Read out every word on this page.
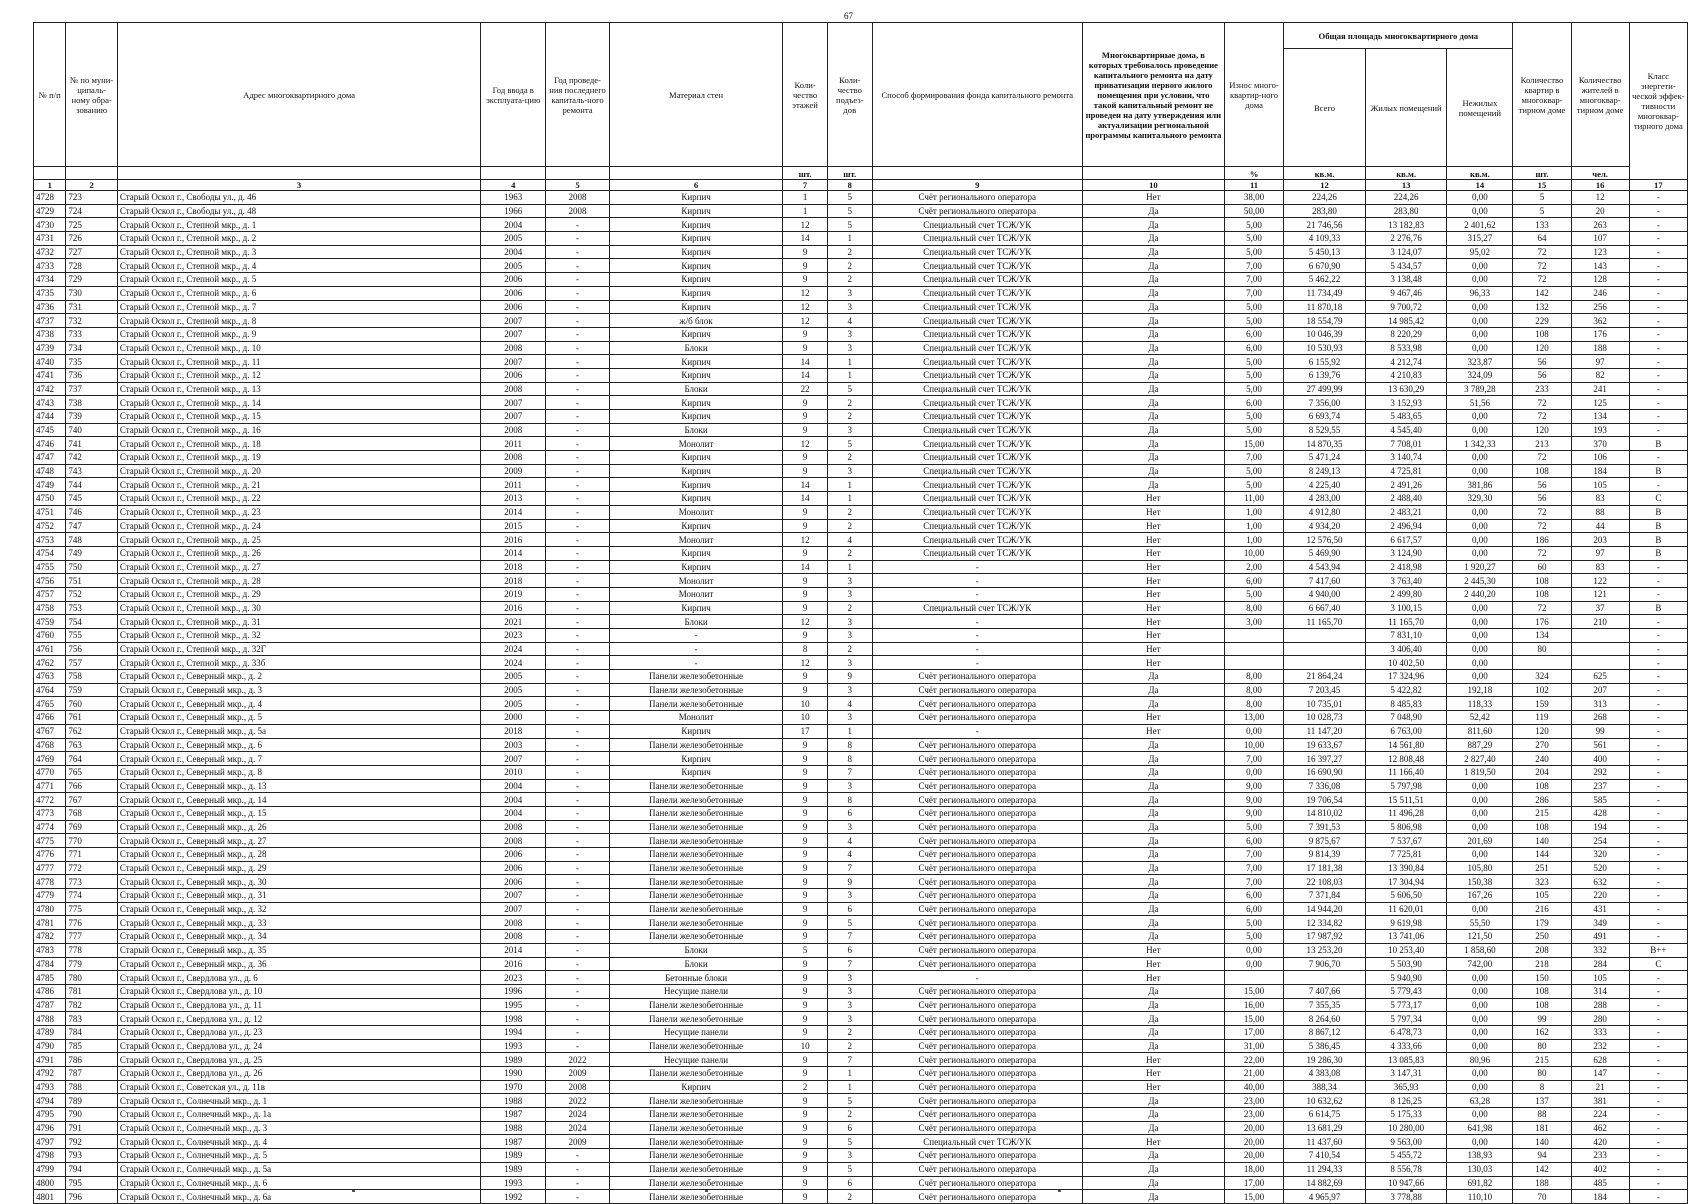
67
№ п/п	№ по муни-ципаль-ному обра-зованию	Адрес многоквартирного дома	Год ввода в эксплуата-цию	Год проведе-ния последнего капиталь-ного ремонта	Материал стен	Коли-чество этажей	Коли-чество подъез-дов	Способ формирования фонда капитального ремонта	Многоквартирные дома, в которых требовалось проведение капитального ремонта на дату приватизации первого жилого помещения при условии, что такой капитальный ремонт не проведен на дату утверждения или актуализации региональной программы капитального ремонта	Износ много-квартир-ного дома	Общая площадь многоквартирного дома			Количество квартир в многоквар-тирном доме	Количество жителей в многоквар-тирном доме	Класс энергети-ческой эффек-тивности многоквар-тирного дома
											Всего	Жилых помещений	Нежилых помещений			
						шт.	шт.			%	кв.м.	кв.м.	кв.м.	шт.	чел.	
1	2	3	4	5	6	7	8	9	10	11	12	13	14	15	16	17
4728	723	Старый Оскол г., Свободы ул., д. 46	1963	2008	Кирпич	1	5	Счёт регионального оператора	Нет	38,00	224,26	224,26	0,00	5	12	-
4729	724	Старый Оскол г., Свободы ул., д. 48	1966	2008	Кирпич	1	5	Счёт регионального оператора	Да	50,00	283,80	283,80	0,00	5	20	-
4730	725	Старый Оскол г., Степной мкр., д. 1	2004	-	Кирпич	12	5	Специальный счет ТСЖ/УК	Да	5,00	21 746,56	13 182,83	2 401,62	133	263	-
4731	726	Старый Оскол г., Степной мкр., д. 2	2005	-	Кирпич	14	1	Специальный счет ТСЖ/УК	Да	5,00	4 109,33	2 276,76	315,27	64	107	-
4732	727	Старый Оскол г., Степной мкр., д. 3	2004	-	Кирпич	9	2	Специальный счет ТСЖ/УК	Да	5,00	5 450,13	3 124,07	95,02	72	123	-
4733	728	Старый Оскол г., Степной мкр., д. 4	2005	-	Кирпич	9	2	Специальный счет ТСЖ/УК	Да	7,00	6 670,90	5 434,57	0,00	72	143	-
4734	729	Старый Оскол г., Степной мкр., д. 5	2006	-	Кирпич	9	2	Специальный счет ТСЖ/УК	Да	7,00	5 462,22	3 138,48	0,00	72	128	-
4735	730	Старый Оскол г., Степной мкр., д. 6	2006	-	Кирпич	12	3	Специальный счет ТСЖ/УК	Да	7,00	11 734,49	9 467,46	96,33	142	246	-
4736	731	Старый Оскол г., Степной мкр., д. 7	2006	-	Кирпич	12	3	Специальный счет ТСЖ/УК	Да	5,00	11 870,18	9 700,72	0,00	132	256	-
4737	732	Старый Оскол г., Степной мкр., д. 8	2007	-	ж/б блок	12	4	Специальный счет ТСЖ/УК	Да	5,00	18 554,79	14 985,42	0,00	229	362	-
4738	733	Старый Оскол г., Степной мкр., д. 9	2007	-	Кирпич	9	3	Специальный счет ТСЖ/УК	Да	6,00	10 046,39	8 220,29	0,00	108	176	-
4739	734	Старый Оскол г., Степной мкр., д. 10	2008	-	Блоки	9	3	Специальный счет ТСЖ/УК	Да	6,00	10 530,93	8 533,98	0,00	120	188	-
4740	735	Старый Оскол г., Степной мкр., д. 11	2007	-	Кирпич	14	1	Специальный счет ТСЖ/УК	Да	5,00	6 155,92	4 212,74	323,87	56	97	-
4741	736	Старый Оскол г., Степной мкр., д. 12	2006	-	Кирпич	14	1	Специальный счет ТСЖ/УК	Да	5,00	6 139,76	4 210,83	324,09	56	82	-
4742	737	Старый Оскол г., Степной мкр., д. 13	2008	-	Блоки	22	5	Специальный счет ТСЖ/УК	Да	5,00	27 499,99	13 630,29	3 789,28	233	241	-
4743	738	Старый Оскол г., Степной мкр., д. 14	2007	-	Кирпич	9	2	Специальный счет ТСЖ/УК	Да	6,00	7 356,00	3 152,93	51,56	72	125	-
4744	739	Старый Оскол г., Степной мкр., д. 15	2007	-	Кирпич	9	2	Специальный счет ТСЖ/УК	Да	5,00	6 693,74	5 483,65	0,00	72	134	-
4745	740	Старый Оскол г., Степной мкр., д. 16	2008	-	Блоки	9	3	Специальный счет ТСЖ/УК	Да	5,00	8 529,55	4 545,40	0,00	120	193	-
4746	741	Старый Оскол г., Степной мкр., д. 18	2011	-	Монолит	12	5	Специальный счет ТСЖ/УК	Да	15,00	14 870,35	7 708,01	1 342,33	213	370	В
4747	742	Старый Оскол г., Степной мкр., д. 19	2008	-	Кирпич	9	2	Специальный счет ТСЖ/УК	Да	7,00	5 471,24	3 140,74	0,00	72	106	-
4748	743	Старый Оскол г., Степной мкр., д. 20	2009	-	Кирпич	9	3	Специальный счет ТСЖ/УК	Да	5,00	8 249,13	4 725,81	0,00	108	184	В
4749	744	Старый Оскол г., Степной мкр., д. 21	2011	-	Кирпич	14	1	Специальный счет ТСЖ/УК	Да	5,00	4 225,40	2 491,26	381,86	56	105	-
4750	745	Старый Оскол г., Степной мкр., д. 22	2013	-	Кирпич	14	1	Специальный счет ТСЖ/УК	Нет	11,00	4 283,00	2 488,40	329,30	56	83	С
4751	746	Старый Оскол г., Степной мкр., д. 23	2014	-	Монолит	9	2	Специальный счет ТСЖ/УК	Нет	1,00	4 912,80	2 483,21	0,00	72	88	В
4752	747	Старый Оскол г., Степной мкр., д. 24	2015	-	Кирпич	9	2	Специальный счет ТСЖ/УК	Нет	1,00	4 934,20	2 496,94	0,00	72	44	В
4753	748	Старый Оскол г., Степной мкр., д. 25	2016	-	Монолит	12	4	Специальный счет ТСЖ/УК	Нет	1,00	12 576,50	6 617,57	0,00	186	203	В
4754	749	Старый Оскол г., Степной мкр., д. 26	2014	-	Кирпич	9	2	Специальный счет ТСЖ/УК	Нет	10,00	5 469,90	3 124,90	0,00	72	97	В
4755	750	Старый Оскол г., Степной мкр., д. 27	2018	-	Кирпич	14	1	-	Нет	2,00	4 543,94	2 418,98	1 920,27	60	83	-
4756	751	Старый Оскол г., Степной мкр., д. 28	2018	-	Монолит	9	3	-	Нет	6,00	7 417,60	3 763,40	2 445,30	108	122	-
4757	752	Старый Оскол г., Степной мкр., д. 29	2019	-	Монолит	9	3	-	Нет	5,00	4 940,00	2 499,80	2 440,20	108	121	-
4758	753	Старый Оскол г., Степной мкр., д. 30	2016	-	Кирпич	9	2	Специальный счет ТСЖ/УК	Нет	8,00	6 667,40	3 100,15	0,00	72	37	В
4759	754	Старый Оскол г., Степной мкр., д. 31	2021	-	Блоки	12	3	-	Нет	3,00	11 165,70	11 165,70	0,00	176	210	-
4760	755	Старый Оскол г., Степной мкр., д. 32	2023	-	-	9	3	-	Нет			7 831,10	0,00	134		-
4761	756	Старый Оскол г., Степной мкр., д. 32Г	2024	-	-	8	2	-	Нет			3 406,40	0,00	80		-
4762	757	Старый Оскол г., Степной мкр., д. 33б	2024	-	-	12	3	-	Нет			10 402,50	0,00			-
4763	758	Старый Оскол г., Северный мкр., д. 2	2005	-	Панели железобетонные	9	9	Счёт регионального оператора	Да	8,00	21 864,24	17 324,96	0,00	324	625	-
4764	759	Старый Оскол г., Северный мкр., д. 3	2005	-	Панели железобетонные	9	3	Счёт регионального оператора	Да	8,00	7 203,45	5 422,82	192,18	102	207	-
4765	760	Старый Оскол г., Северный мкр., д. 4	2005	-	Панели железобетонные	10	4	Счёт регионального оператора	Да	8,00	10 735,01	8 485,83	118,33	159	313	-
4766	761	Старый Оскол г., Северный мкр., д. 5	2000	-	Монолит	10	3	Счёт регионального оператора	Нет	13,00	10 028,73	7 048,90	52,42	119	268	-
4767	762	Старый Оскол г., Северный мкр., д. 5а	2018	-	Кирпич	17	1	-	Нет	0,00	11 147,20	6 763,00	811,60	120	99	-
4768	763	Старый Оскол г., Северный мкр., д. 6	2003	-	Панели железобетонные	9	8	Счёт регионального оператора	Да	10,00	19 633,67	14 561,80	887,29	270	561	-
4769	764	Старый Оскол г., Северный мкр., д. 7	2007	-	Кирпич	9	8	Счёт регионального оператора	Да	7,00	16 397,27	12 808,48	2 827,40	240	400	-
4770	765	Старый Оскол г., Северный мкр., д. 8	2010	-	Кирпич	9	7	Счёт регионального оператора	Да	0,00	16 690,90	11 166,40	1 819,50	204	292	-
4771	766	Старый Оскол г., Северный мкр., д. 13	2004	-	Панели железобетонные	9	3	Счёт регионального оператора	Да	9,00	7 336,08	5 797,98	0,00	108	237	-
4772	767	Старый Оскол г., Северный мкр., д. 14	2004	-	Панели железобетонные	9	8	Счёт регионального оператора	Да	9,00	19 706,54	15 511,51	0,00	286	585	-
4773	768	Старый Оскол г., Северный мкр., д. 15	2004	-	Панели железобетонные	9	6	Счёт регионального оператора	Да	9,00	14 810,02	11 496,28	0,00	215	428	-
4774	769	Старый Оскол г., Северный мкр., д. 26	2008	-	Панели железобетонные	9	3	Счёт регионального оператора	Да	5,00	7 391,53	5 806,98	0,00	108	194	-
4775	770	Старый Оскол г., Северный мкр., д. 27	2008	-	Панели железобетонные	9	4	Счёт регионального оператора	Да	6,00	9 875,67	7 537,67	201,69	140	254	-
4776	771	Старый Оскол г., Северный мкр., д. 28	2006	-	Панели железобетонные	9	4	Счёт регионального оператора	Да	7,00	9 814,39	7 725,81	0,00	144	320	-
4777	772	Старый Оскол г., Северный мкр., д. 29	2006	-	Панели железобетонные	9	7	Счёт регионального оператора	Да	7,00	17 181,38	13 390,84	105,80	251	520	-
4778	773	Старый Оскол г., Северный мкр., д. 30	2006	-	Панели железобетонные	9	9	Счёт регионального оператора	Да	7,00	22 108,03	17 304,94	150,38	323	632	-
4779	774	Старый Оскол г., Северный мкр., д. 31	2007	-	Панели железобетонные	9	3	Счёт регионального оператора	Да	6,00	7 371,84	5 606,50	167,26	105	220	-
4780	775	Старый Оскол г., Северный мкр., д. 32	2007	-	Панели железобетонные	9	6	Счёт регионального оператора	Да	6,00	14 944,20	11 620,01	0,00	216	431	-
4781	776	Старый Оскол г., Северный мкр., д. 33	2008	-	Панели железобетонные	9	5	Счёт регионального оператора	Да	5,00	12 334,82	9 619,98	55,50	179	349	-
4782	777	Старый Оскол г., Северный мкр., д. 34	2008	-	Панели железобетонные	9	7	Счёт регионального оператора	Да	5,00	17 987,92	13 741,06	121,50	250	491	-
4783	778	Старый Оскол г., Северный мкр., д. 35	2014	-	Блоки	5	6	Счёт регионального оператора	Нет	0,00	13 253,20	10 253,40	1 858,60	208	332	В++
4784	779	Старый Оскол г., Северный мкр., д. 36	2016	-	Блоки	9	7	Счёт регионального оператора	Нет	0,00	7 906,70	5 503,90	742,00	218	284	С
4785	780	Старый Оскол г., Свердлова ул., д. 6	2023	-	Бетонные блоки	9	3	-	Нет			5 940,90	0,00	150	105	-
4786	781	Старый Оскол г., Свердлова ул., д. 10	1996	-	Несущие панели	9	3	Счёт регионального оператора	Да	15,00	7 407,66	5 779,43	0,00	108	314	-
4787	782	Старый Оскол г., Свердлова ул., д. 11	1995	-	Панели железобетонные	9	3	Счёт регионального оператора	Да	16,00	7 355,35	5 773,17	0,00	108	288	-
4788	783	Старый Оскол г., Свердлова ул., д. 12	1998	-	Панели железобетонные	9	3	Счёт регионального оператора	Да	15,00	8 264,60	5 797,34	0,00	99	280	-
4789	784	Старый Оскол г., Свердлова ул., д. 23	1994	-	Несущие панели	9	2	Счёт регионального оператора	Да	17,00	8 867,12	6 478,73	0,00	162	333	-
4790	785	Старый Оскол г., Свердлова ул., д. 24	1993	-	Панели железобетонные	10	2	Счёт регионального оператора	Да	31,00	5 386,45	4 333,66	0,00	80	232	-
4791	786	Старый Оскол г., Свердлова ул., д. 25	1989	2022	Несущие панели	9	7	Счёт регионального оператора	Нет	22,00	19 286,30	13 085,83	80,96	215	628	-
4792	787	Старый Оскол г., Свердлова ул., д. 26	1990	2009	Панели железобетонные	9	1	Счёт регионального оператора	Нет	21,00	4 383,08	3 147,31	0,00	80	147	-
4793	788	Старый Оскол г., Советская ул., д. 11в	1970	2008	Кирпич	2	1	Счёт регионального оператора	Нет	40,00	388,34	365,93	0,00	8	21	-
4794	789	Старый Оскол г., Солнечный мкр., д. 1	1988	2022	Панели железобетонные	9	5	Счёт регионального оператора	Да	23,00	10 632,62	8 126,25	63,28	137	381	-
4795	790	Старый Оскол г., Солнечный мкр., д. 1а	1987	2024	Панели железобетонные	9	2	Счёт регионального оператора	Да	23,00	6 614,75	5 175,33	0,00	88	224	-
4796	791	Старый Оскол г., Солнечный мкр., д. 3	1988	2024	Панели железобетонные	9	6	Счёт регионального оператора	Да	20,00	13 681,29	10 280,00	641,98	181	462	-
4797	792	Старый Оскол г., Солнечный мкр., д. 4	1987	2009	Панели железобетонные	9	5	Специальный счет ТСЖ/УК	Нет	20,00	11 437,60	9 563,00	0,00	140	420	-
4798	793	Старый Оскол г., Солнечный мкр., д. 5	1989	-	Панели железобетонные	9	3	Счёт регионального оператора	Да	20,00	7 410,54	5 455,72	138,93	94	233	-
4799	794	Старый Оскол г., Солнечный мкр., д. 5а	1989	-	Панели железобетонные	9	5	Счёт регионального оператора	Да	18,00	11 294,33	8 556,78	130,03	142	402	-
4800	795	Старый Оскол г., Солнечный мкр., д. 6	1993	-	Панели железобетонные	9	6	Счёт регионального оператора	Да	17,00	14 882,69	10 947,66	691,82	188	485	-
4801	796	Старый Оскол г., Солнечный мкр., д. 6а	1992	-	Панели железобетонные	9	2	Счёт регионального оператора	Да	15,00	4 965,97	3 778,88	110,10	70	184	-
